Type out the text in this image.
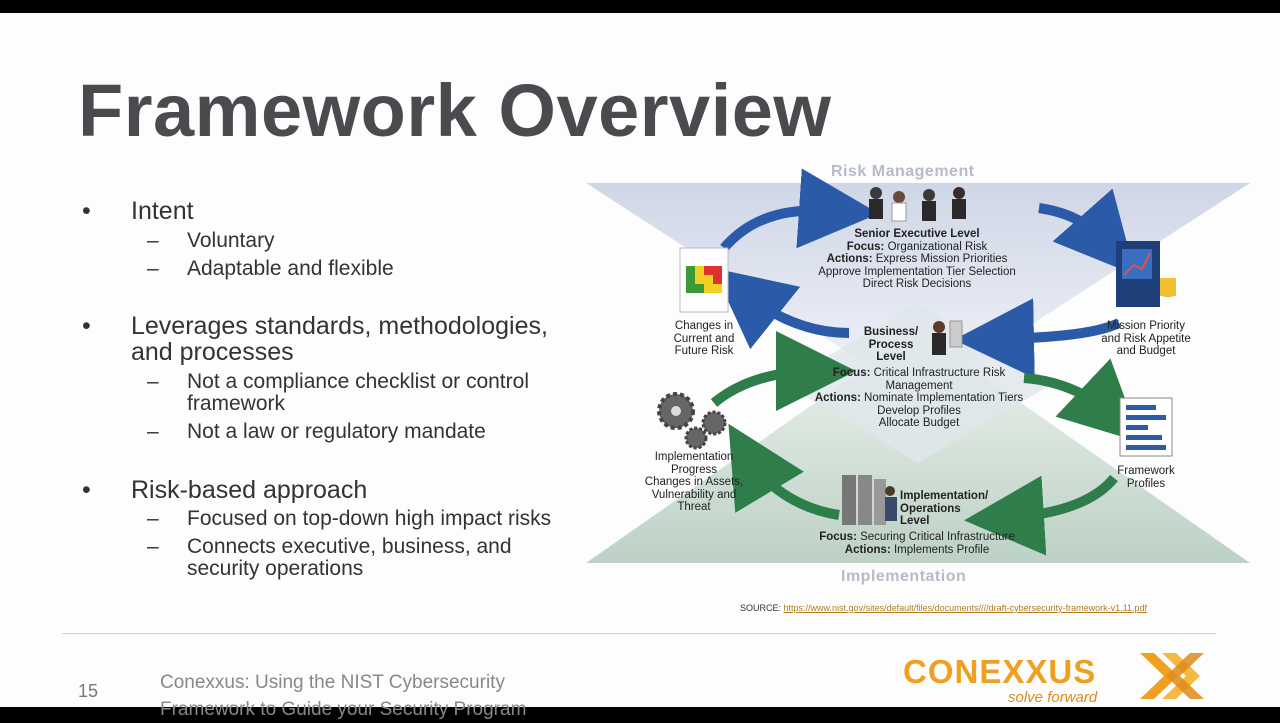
Framework Overview
•	Intent
– Voluntary
– Adaptable and flexible
•	Leverages standards, methodologies,
and processes
– Not a compliance checklist or control
framework
– Not a law or regulatory mandate
•	Risk-based approach
– Focused on top-down high impact risks
– Connects executive, business, and
security operations
Risk Management
Implementation
Senior Executive Level
Focus: Organizational Risk
Actions: Express Mission Priorities
Approve Implementation Tier Selection
Direct Risk Decisions
Business/
Process
Level
Focus: Critical Infrastructure Risk
Management
Actions: Nominate Implementation Tiers
Develop Profiles
Allocate Budget
Implementation/
Operations
Level
Focus: Securing Critical Infrastructure
Actions: Implements Profile
Changes in
Current and
Future Risk
Mission Priority
and Risk Appetite
and Budget
Implementation
Progress
Changes in Assets,
Vulnerability and
Threat
Framework
Profiles
SOURCE: https://www.nist.gov/sites/default/files/documents////draft-cybersecurity-framework-v1.11.pdf
15	Conexxus: Using the NIST Cybersecurity Framework to Guide your Security Program
CONEXXUS
solve forward
